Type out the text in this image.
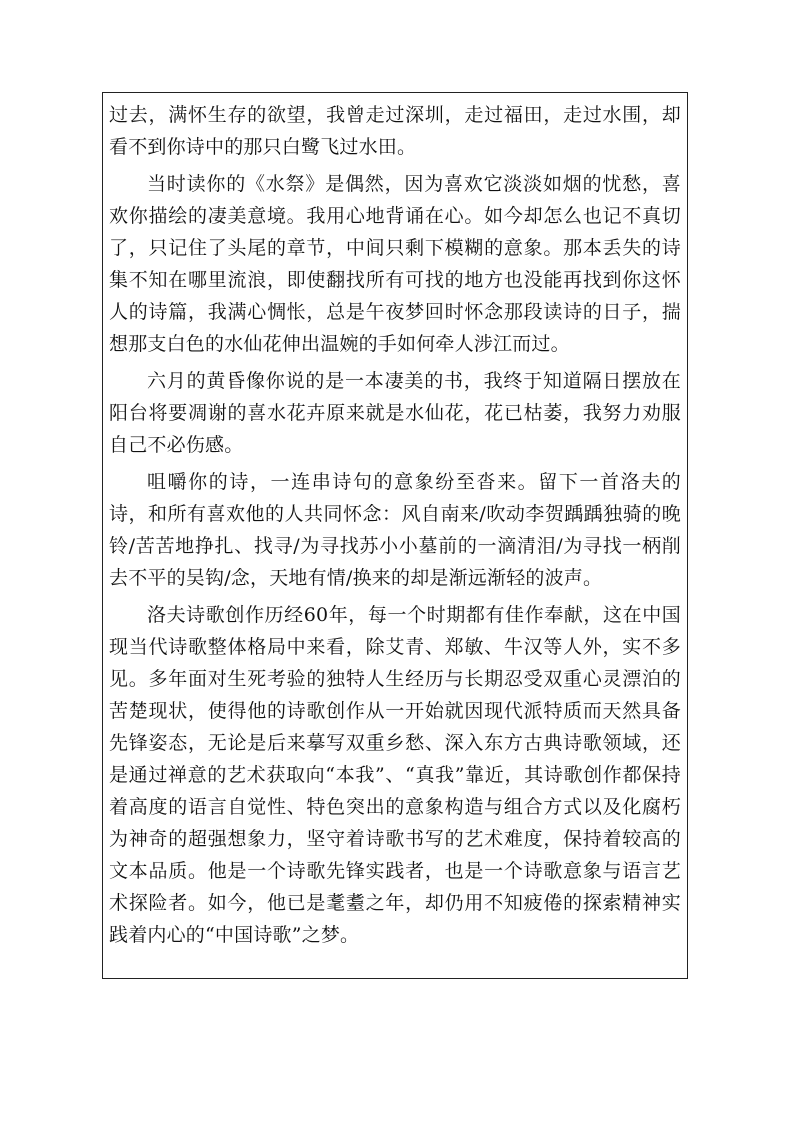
过去，满怀生存的欲望，我曾走过深圳，走过福田，走过水围，却看不到你诗中的那只白鹭飞过水田。

当时读你的《水祭》是偶然，因为喜欢它淡淡如烟的忧愁，喜欢你描绘的凄美意境。我用心地背诵在心。如今却怎么也记不真切了，只记住了头尾的章节，中间只剩下模糊的意象。那本丢失的诗集不知在哪里流浪，即使翻找所有可找的地方也没能再找到你这怀人的诗篇，我满心惆怅，总是午夜梦回时怀念那段读诗的日子，揣想那支白色的水仙花伸出温婉的手如何牵人涉江而过。

六月的黄昏像你说的是一本凄美的书，我终于知道隔日摆放在阳台将要凋谢的喜水花卉原来就是水仙花，花已枯萎，我努力劝服自己不必伤感。

咀嚼你的诗，一连串诗句的意象纷至沓来。留下一首洛夫的诗，和所有喜欢他的人共同怀念：风自南来/吹动李贺踽踽独骑的晚铃/苦苦地挣扎、找寻/为寻找苏小小墓前的一滴清泪/为寻找一柄削去不平的吴钩/念，天地有情/换来的却是渐远渐轻的波声。

洛夫诗歌创作历经60年，每一个时期都有佳作奉献，这在中国现当代诗歌整体格局中来看，除艾青、郑敏、牛汉等人外，实不多见。多年面对生死考验的独特人生经历与长期忍受双重心灵漂泊的苦楚现状，使得他的诗歌创作从一开始就因现代派特质而天然具备先锋姿态，无论是后来摹写双重乡愁、深入东方古典诗歌领域，还是通过禅意的艺术获取向“本我”、“真我”靠近，其诗歌创作都保持着高度的语言自觉性、特色突出的意象构造与组合方式以及化腐朽为神奇的超强想象力，坚守着诗歌书写的艺术难度，保持着较高的文本品质。他是一个诗歌先锋实践者，也是一个诗歌意象与语言艺术探险者。如今，他已是耄耋之年，却仍用不知疲倦的探索精神实践着内心的“中国诗歌”之梦。
